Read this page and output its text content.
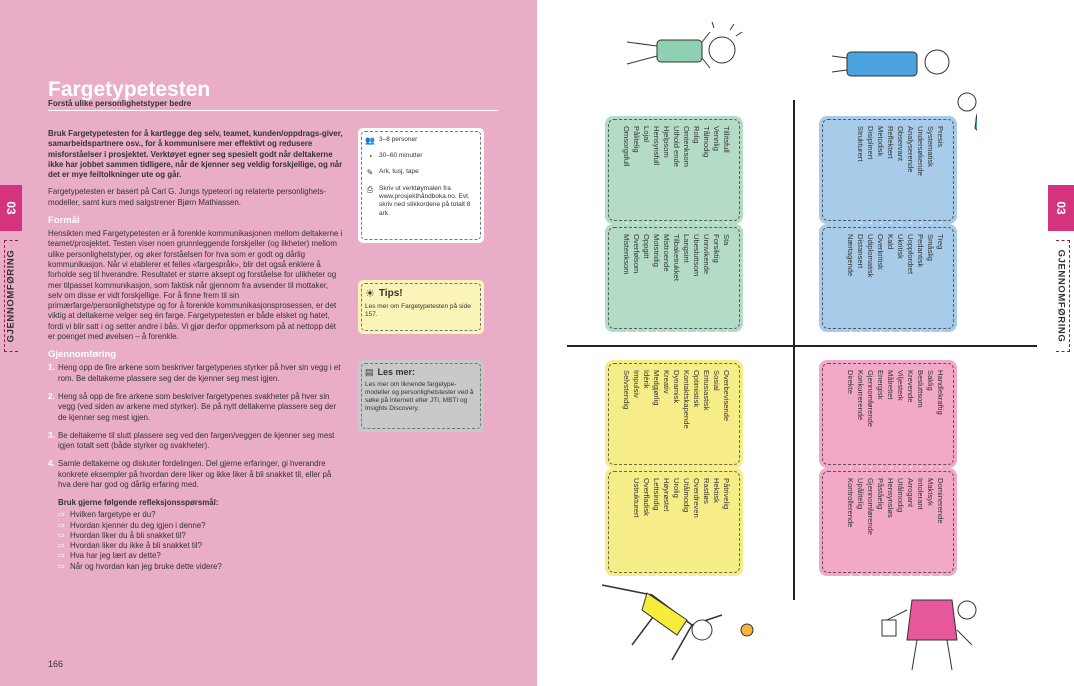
03
GJENNOMFØRING
Fargetypetesten
Forstå ulike personlighetstyper bedre

Bruk Fargetypetesten for å kartlegge deg selv, teamet, kunden/oppdrags-giver, samarbeidspartnere osv., for å kommunisere mer effektivt og redusere misforståelser i prosjektet. Verktøyet egner seg spesielt godt når deltakerne ikke har jobbet sammen tidligere, når de kjenner seg veldig forskjellige, og når det er mye feiltolkninger ute og går.

Fargetypetesten er basert på Carl G. Jungs typeteori og relaterte personlighets-modeller, samt kurs med salgstrener Bjørn Mathiassen.

Formål

Hensikten med Fargetypetesten er å forenkle kommunikasjonen mellom deltakerne i teamet/prosjektet. Testen viser noen grunnleggende forskjeller (og likheter) mellom ulike personlighetstyper, og øker forståelsen for hva som er godt og dårlig kommunikasjon. Når vi etablerer et felles «fargespråk», blir det også enklere å forholde seg til hverandre. Resultatet er større aksept og forståelse for ulikheter og mer tilpasset kommunikasjon, som faktisk når gjennom fra avsender til mottaker, selv om disse er vidt forskjellige. For å finne frem til sin primærfarge/personlighetstype og for å forenkle kommunikasjonsprosessen, er det viktig at deltakerne velger seg én farge. Fargetypetesten er både elsket og hatet, fordi vi blir satt i og setter andre i bås. Vi gjør derfor oppmerksom på at nettopp dét er poenget med øvelsen – å forenkle.

Gjennomføring
1. Heng opp de fire arkene som beskriver fargetypenes styrker på hver sin vegg i et rom. Be deltakerne plassere seg der de kjenner seg mest igjen.
2. Heng så opp de fire arkene som beskriver fargetypenes svakheter på hver sin vegg (ved siden av arkene med styrker). Be på nytt deltakerne plassere seg der de kjenner seg mest igjen.
3. Be deltakerne til slutt plassere seg ved den fargen/veggen de kjenner seg mest igjen totalt sett (både styrker og svakheter).
4. Samle deltakerne og diskuter fordelingen. Del gjerne erfaringer, gi hverandre konkrete eksempler på hvordan dere liker og ikke liker å bli snakket til, eller på hva dere har god og dårlig erfaring med.
Bruk gjerne følgende refleksjonsspørsmål:
⇨ Hvilken fargetype er du?
⇨ Hvordan kjenner du deg igjen i denne?
⇨ Hvordan liker du å bli snakket til?
⇨ Hvordan liker du ikke å bli snakket til?
⇨ Hva har jeg lært av dette?
⇨ Når og hvordan kan jeg bruke dette videre?
👥 3–8 personer
◔	30–60 minutter
✎ Ark, tusj, tape
⎙ Skriv ut verktøymalen fra www.prosjekthåndboka.no. Evt. skriv ned stikkordene på totalt 8 ark.
☀ Tips!
Les mer om Fargetypetesten på side 157.
▤ Les mer:
Les mer om liknende fargetype-modeller og personlighetstester ved å søke på internett etter JTI, MBTI og Insights Discovery.
166
03
GJENNOMFØRING
Tillitsfull +
Vennlig +
Tålmodig +
Rolig +
Omtenksom +
Uthold ende +
Hjelpsom +
Hensynsfull +
Lojal +
Pålitelig +
Omsorgsfull +
Sta +
Forsiktig +
Unnvikende +
Ubesluttsom +
Langsint +
Tilbaketrukket +
Mistroende +
Motstridig +
Oppgitt +
Overfølsom +
Mistenksom +
Presis +
Systematisk +
Undersøkende +
Analyserende +
Observant +
Reflektert +
Metodisk +
Disiplinert +
Strukturert +
Treg +
Småslig +
Pedantisk +
Uoppfordret +
Ukritisk +
Kald +
Overkritisk +
Udiplomatisk +
Distansert +
Nærtagende +
Overbevisende +
Sosial +
Entusiastisk +
Optimistisk +
Kontaktskapende +
Dynamisk +
Kreativ +
Medgjørlig +
Idérik +
Impulsiv +
Selvstendig +
Påtrivelig +
Hektisk +
Rastløs +
Overdreven +
Utålmodig +
Urolig +
Høyrøstet +
Lettsindig +
Overfladisk +
Ustrukturert +
Handlekraftig +
Saklig +
Besluttsom +
Krevende +
Viljesterk +
Målrettet +
Energisk +
Gjennomførende +
Konkurrerende +
Direkte +
Dominerende +
Maktsyk +
Intolerant +
Arrogant +
Utålmodig +
Hensynsløs +
Påståelig +
Gjennomførende +
Upålitelig +
Kontrollerende +
